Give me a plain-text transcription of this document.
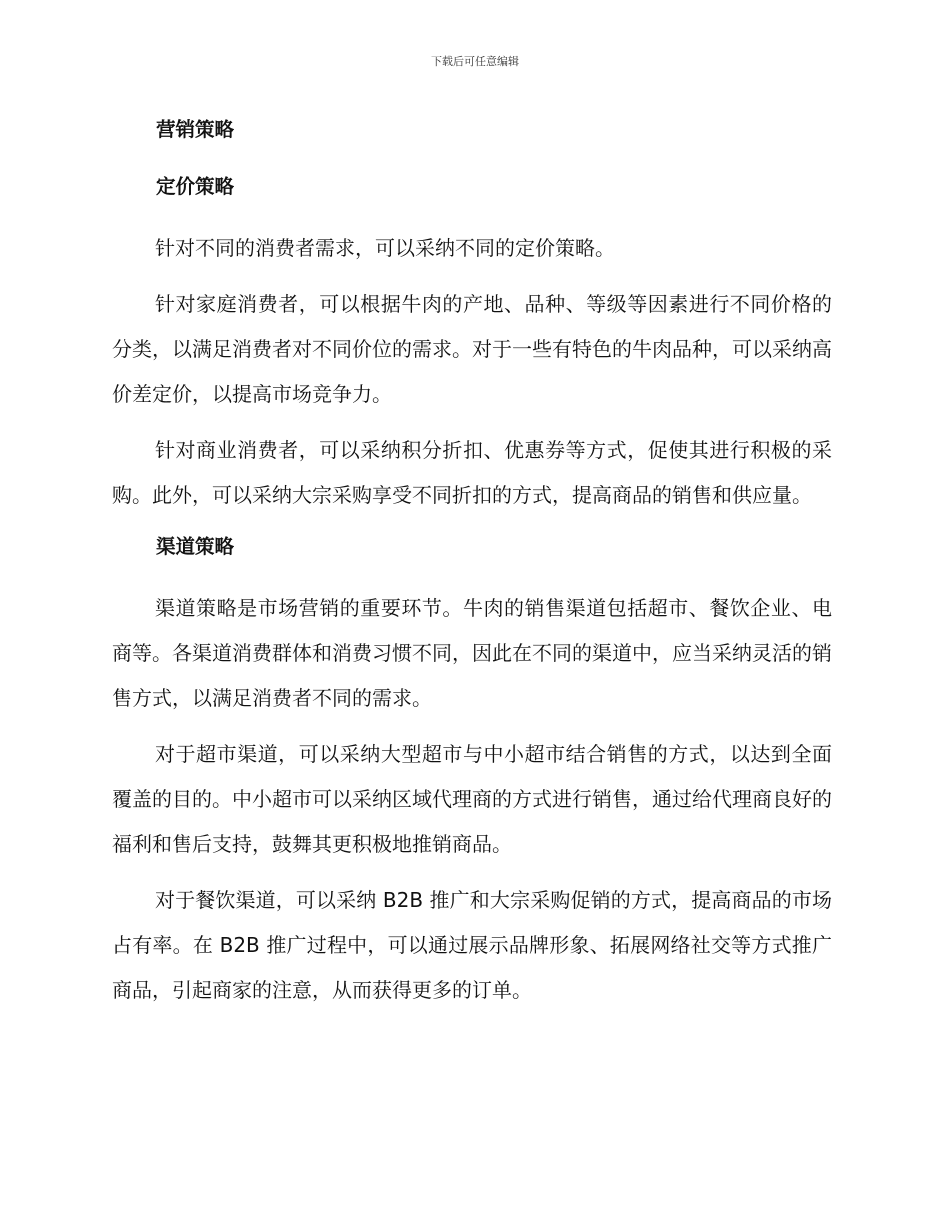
下载后可任意编辑
营销策略
定价策略

针对不同的消费者需求，可以采纳不同的定价策略。

针对家庭消费者，可以根据牛肉的产地、品种、等级等因素进行不同价格的分类，以满足消费者对不同价位的需求。对于一些有特色的牛肉品种，可以采纳高价差定价，以提高市场竞争力。

针对商业消费者，可以采纳积分折扣、优惠券等方式，促使其进行积极的采购。此外，可以采纳大宗采购享受不同折扣的方式，提高商品的销售和供应量。

渠道策略

渠道策略是市场营销的重要环节。牛肉的销售渠道包括超市、餐饮企业、电商等。各渠道消费群体和消费习惯不同，因此在不同的渠道中，应当采纳灵活的销售方式，以满足消费者不同的需求。

对于超市渠道，可以采纳大型超市与中小超市结合销售的方式，以达到全面覆盖的目的。中小超市可以采纳区域代理商的方式进行销售，通过给代理商良好的福利和售后支持，鼓舞其更积极地推销商品。

对于餐饮渠道，可以采纳 B2B 推广和大宗采购促销的方式，提高商品的市场占有率。在 B2B 推广过程中，可以通过展示品牌形象、拓展网络社交等方式推广商品，引起商家的注意，从而获得更多的订单。
